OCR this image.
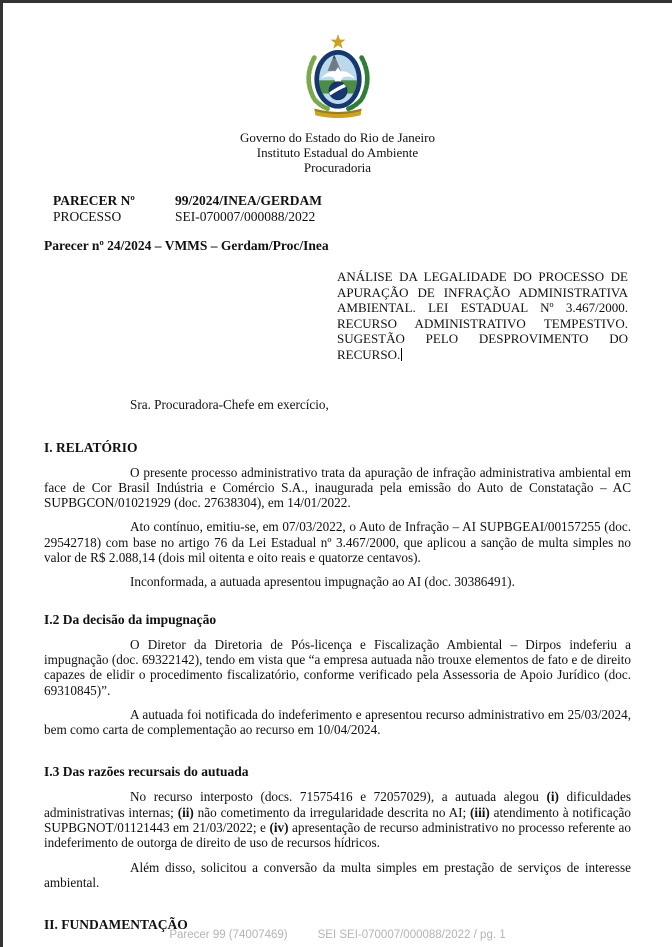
Governo do Estado do Rio de Janeiro
Instituto Estadual do Ambiente
Procuradoria
PARECER Nº	99/2024/INEA/GERDAM
PROCESSO	SEI-070007/000088/2022
Parecer nº 24/2024 – VMMS – Gerdam/Proc/Inea
ANÁLISE DA LEGALIDADE DO PROCESSO DE APURAÇÃO DE INFRAÇÃO ADMINISTRATIVA AMBIENTAL. LEI ESTADUAL Nº 3.467/2000. RECURSO ADMINISTRATIVO TEMPESTIVO. SUGESTÃO PELO DESPROVIMENTO DO RECURSO.
Sra. Procuradora-Chefe em exercício,
I. RELATÓRIO

O presente processo administrativo trata da apuração de infração administrativa ambiental em face de Cor Brasil Indústria e Comércio S.A., inaugurada pela emissão do Auto de Constatação – AC SUPBGCON/01021929 (doc. 27638304), em 14/01/2022.

Ato contínuo, emitiu-se, em 07/03/2022, o Auto de Infração – AI SUPBGEAI/00157255 (doc. 29542718) com base no artigo 76 da Lei Estadual nº 3.467/2000, que aplicou a sanção de multa simples no valor de R$ 2.088,14 (dois mil oitenta e oito reais e quatorze centavos).

Inconformada, a autuada apresentou impugnação ao AI (doc. 30386491).

I.2 Da decisão da impugnação

O Diretor da Diretoria de Pós-licença e Fiscalização Ambiental – Dirpos indeferiu a impugnação (doc. 69322142), tendo em vista que “a empresa autuada não trouxe elementos de fato e de direito capazes de elidir o procedimento fiscalizatório, conforme verificado pela Assessoria de Apoio Jurídico (doc. 69310845)”.

A autuada foi notificada do indeferimento e apresentou recurso administrativo em 25/03/2024, bem como carta de complementação ao recurso em 10/04/2024.

I.3 Das razões recursais do autuada

No recurso interposto (docs. 71575416 e 72057029), a autuada alegou (i) dificuldades administrativas internas; (ii) não cometimento da irregularidade descrita no AI; (iii) atendimento à notificação SUPBGNOT/01121443 em 21/03/2022; e (iv) apresentação de recurso administrativo no processo referente ao indeferimento de outorga de direito de uso de recursos hídricos.

Além disso, solicitou a conversão da multa simples em prestação de serviços de interesse ambiental.

II. FUNDAMENTAÇÃO
Parecer 99 (74007469)	SEI SEI-070007/000088/2022 / pg. 1
